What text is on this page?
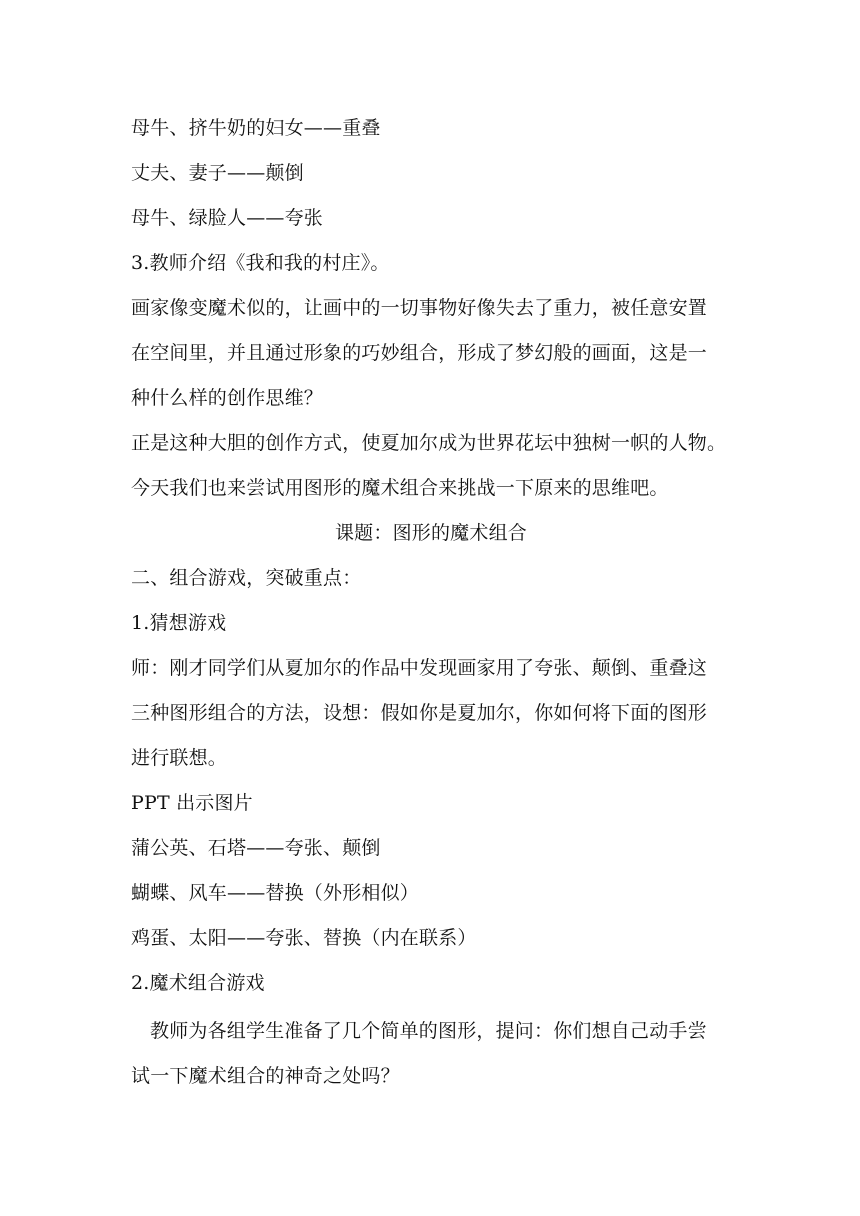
母牛、挤牛奶的妇女——重叠
丈夫、妻子——颠倒
母牛、绿脸人——夸张
3.教师介绍《我和我的村庄》。
画家像变魔术似的，让画中的一切事物好像失去了重力，被任意安置
在空间里，并且通过形象的巧妙组合，形成了梦幻般的画面，这是一
种什么样的创作思维？
正是这种大胆的创作方式，使夏加尔成为世界花坛中独树一帜的人物。
今天我们也来尝试用图形的魔术组合来挑战一下原来的思维吧。
课题：图形的魔术组合
二、组合游戏，突破重点：
1.猜想游戏
师：刚才同学们从夏加尔的作品中发现画家用了夸张、颠倒、重叠这
三种图形组合的方法，设想：假如你是夏加尔，你如何将下面的图形
进行联想。
PPT 出示图片
蒲公英、石塔——夸张、颠倒
蝴蝶、风车——替换（外形相似）
鸡蛋、太阳——夸张、替换（内在联系）
2.魔术组合游戏
教师为各组学生准备了几个简单的图形，提问：你们想自己动手尝
试一下魔术组合的神奇之处吗？
